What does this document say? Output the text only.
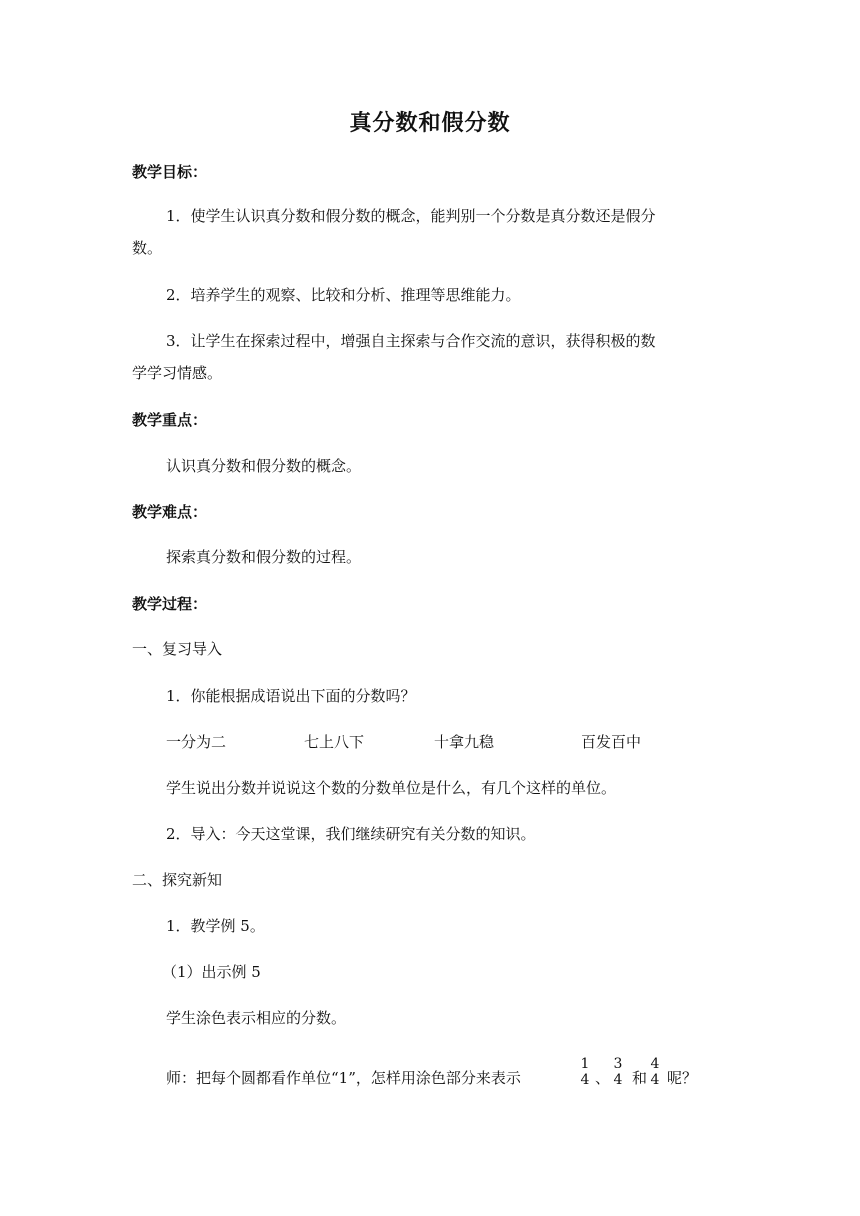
真分数和假分数
教学目标：
1．使学生认识真分数和假分数的概念，能判别一个分数是真分数还是假分
数。
2．培养学生的观察、比较和分析、推理等思维能力。
3．让学生在探索过程中，增强自主探索与合作交流的意识，获得积极的数
学学习情感。
教学重点：
认识真分数和假分数的概念。
教学难点：
探索真分数和假分数的过程。
教学过程：
一、复习导入
1．你能根据成语说出下面的分数吗？
一分为二	七上八下	十拿九稳	百发百中
学生说出分数并说说这个数的分数单位是什么，有几个这样的单位。
2．导入：今天这堂课，我们继续研究有关分数的知识。
二、探究新知
1．教学例 5。
（1）出示例 5
学生涂色表示相应的分数。
师：把每个圆都看作单位“1”，怎样用涂色部分来表示
1
4 、
3
4 和
4
4 呢？
